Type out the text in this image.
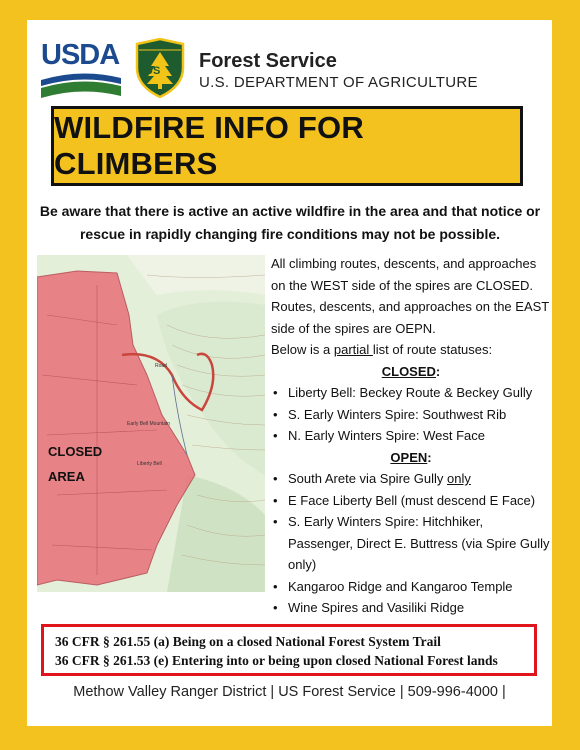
USDA US Forest Service
U.S. DEPARTMENT OF AGRICULTURE
WILDFIRE INFO FOR CLIMBERS
Be aware that there is active an active wildfire in the area and that notice or rescue in rapidly changing fire conditions may not be possible.
Road
Early Bell Mountain
Liberty Bell
CLOSED
AREA

All climbing routes, descents, and approaches on the WEST side of the spires are CLOSED.

Routes, descents, and approaches on the EAST side of the spires are OEPN.

Below is a partial list of route statuses:

CLOSED:

• Liberty Bell: Beckey Route & Beckey Gully
• S. Early Winters Spire: Southwest Rib
• N. Early Winters Spire: West Face

OPEN:

• South Arete via Spire Gully only
• E Face Liberty Bell (must descend E Face)
• S. Early Winters Spire: Hitchhiker, Passenger, Direct E. Buttress (via Spire Gully only)
• Kangaroo Ridge and Kangaroo Temple
• Wine Spires and Vasiliki Ridge
36 CFR § 261.55 (a) Being on a closed National Forest System Trail
36 CFR § 261.53 (e) Entering into or being upon closed National Forest lands
Methow Valley Ranger District | US Forest Service | 509-996-4000 |
